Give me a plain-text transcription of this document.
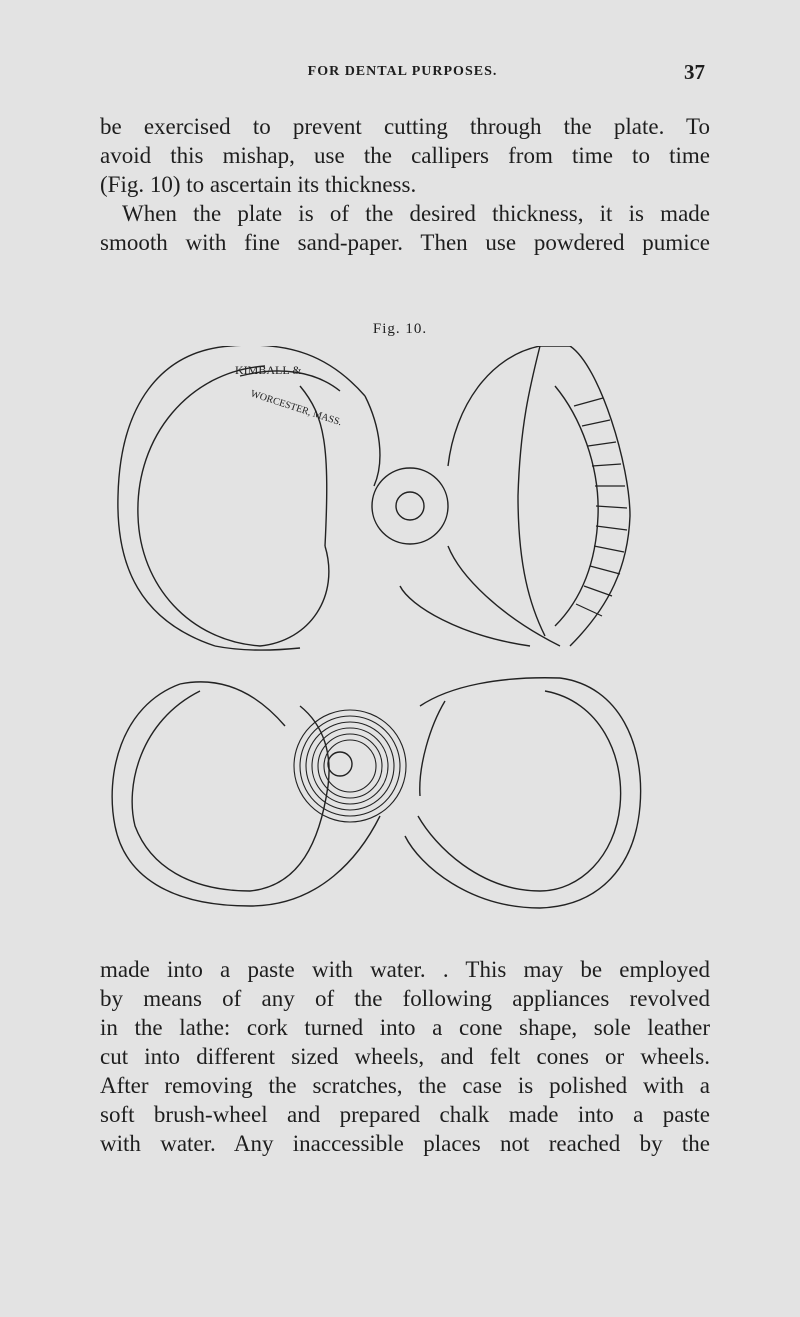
FOR DENTAL PURPOSES.	37
be exercised to prevent cutting through the plate. To
avoid this mishap, use the callipers from time to time
(Fig. 10) to ascertain its thickness.
When the plate is of the desired thickness, it is made
smooth with fine sand-paper. Then use powdered pumice
Fig. 10.
KIMBALL &
WORCESTER, MASS.
made into a paste with water. . This may be employed
by means of any of the following appliances revolved
in the lathe: cork turned into a cone shape, sole leather
cut into different sized wheels, and felt cones or wheels.
After removing the scratches, the case is polished with a
soft brush-wheel and prepared chalk made into a paste
with water. Any inaccessible places not reached by the
